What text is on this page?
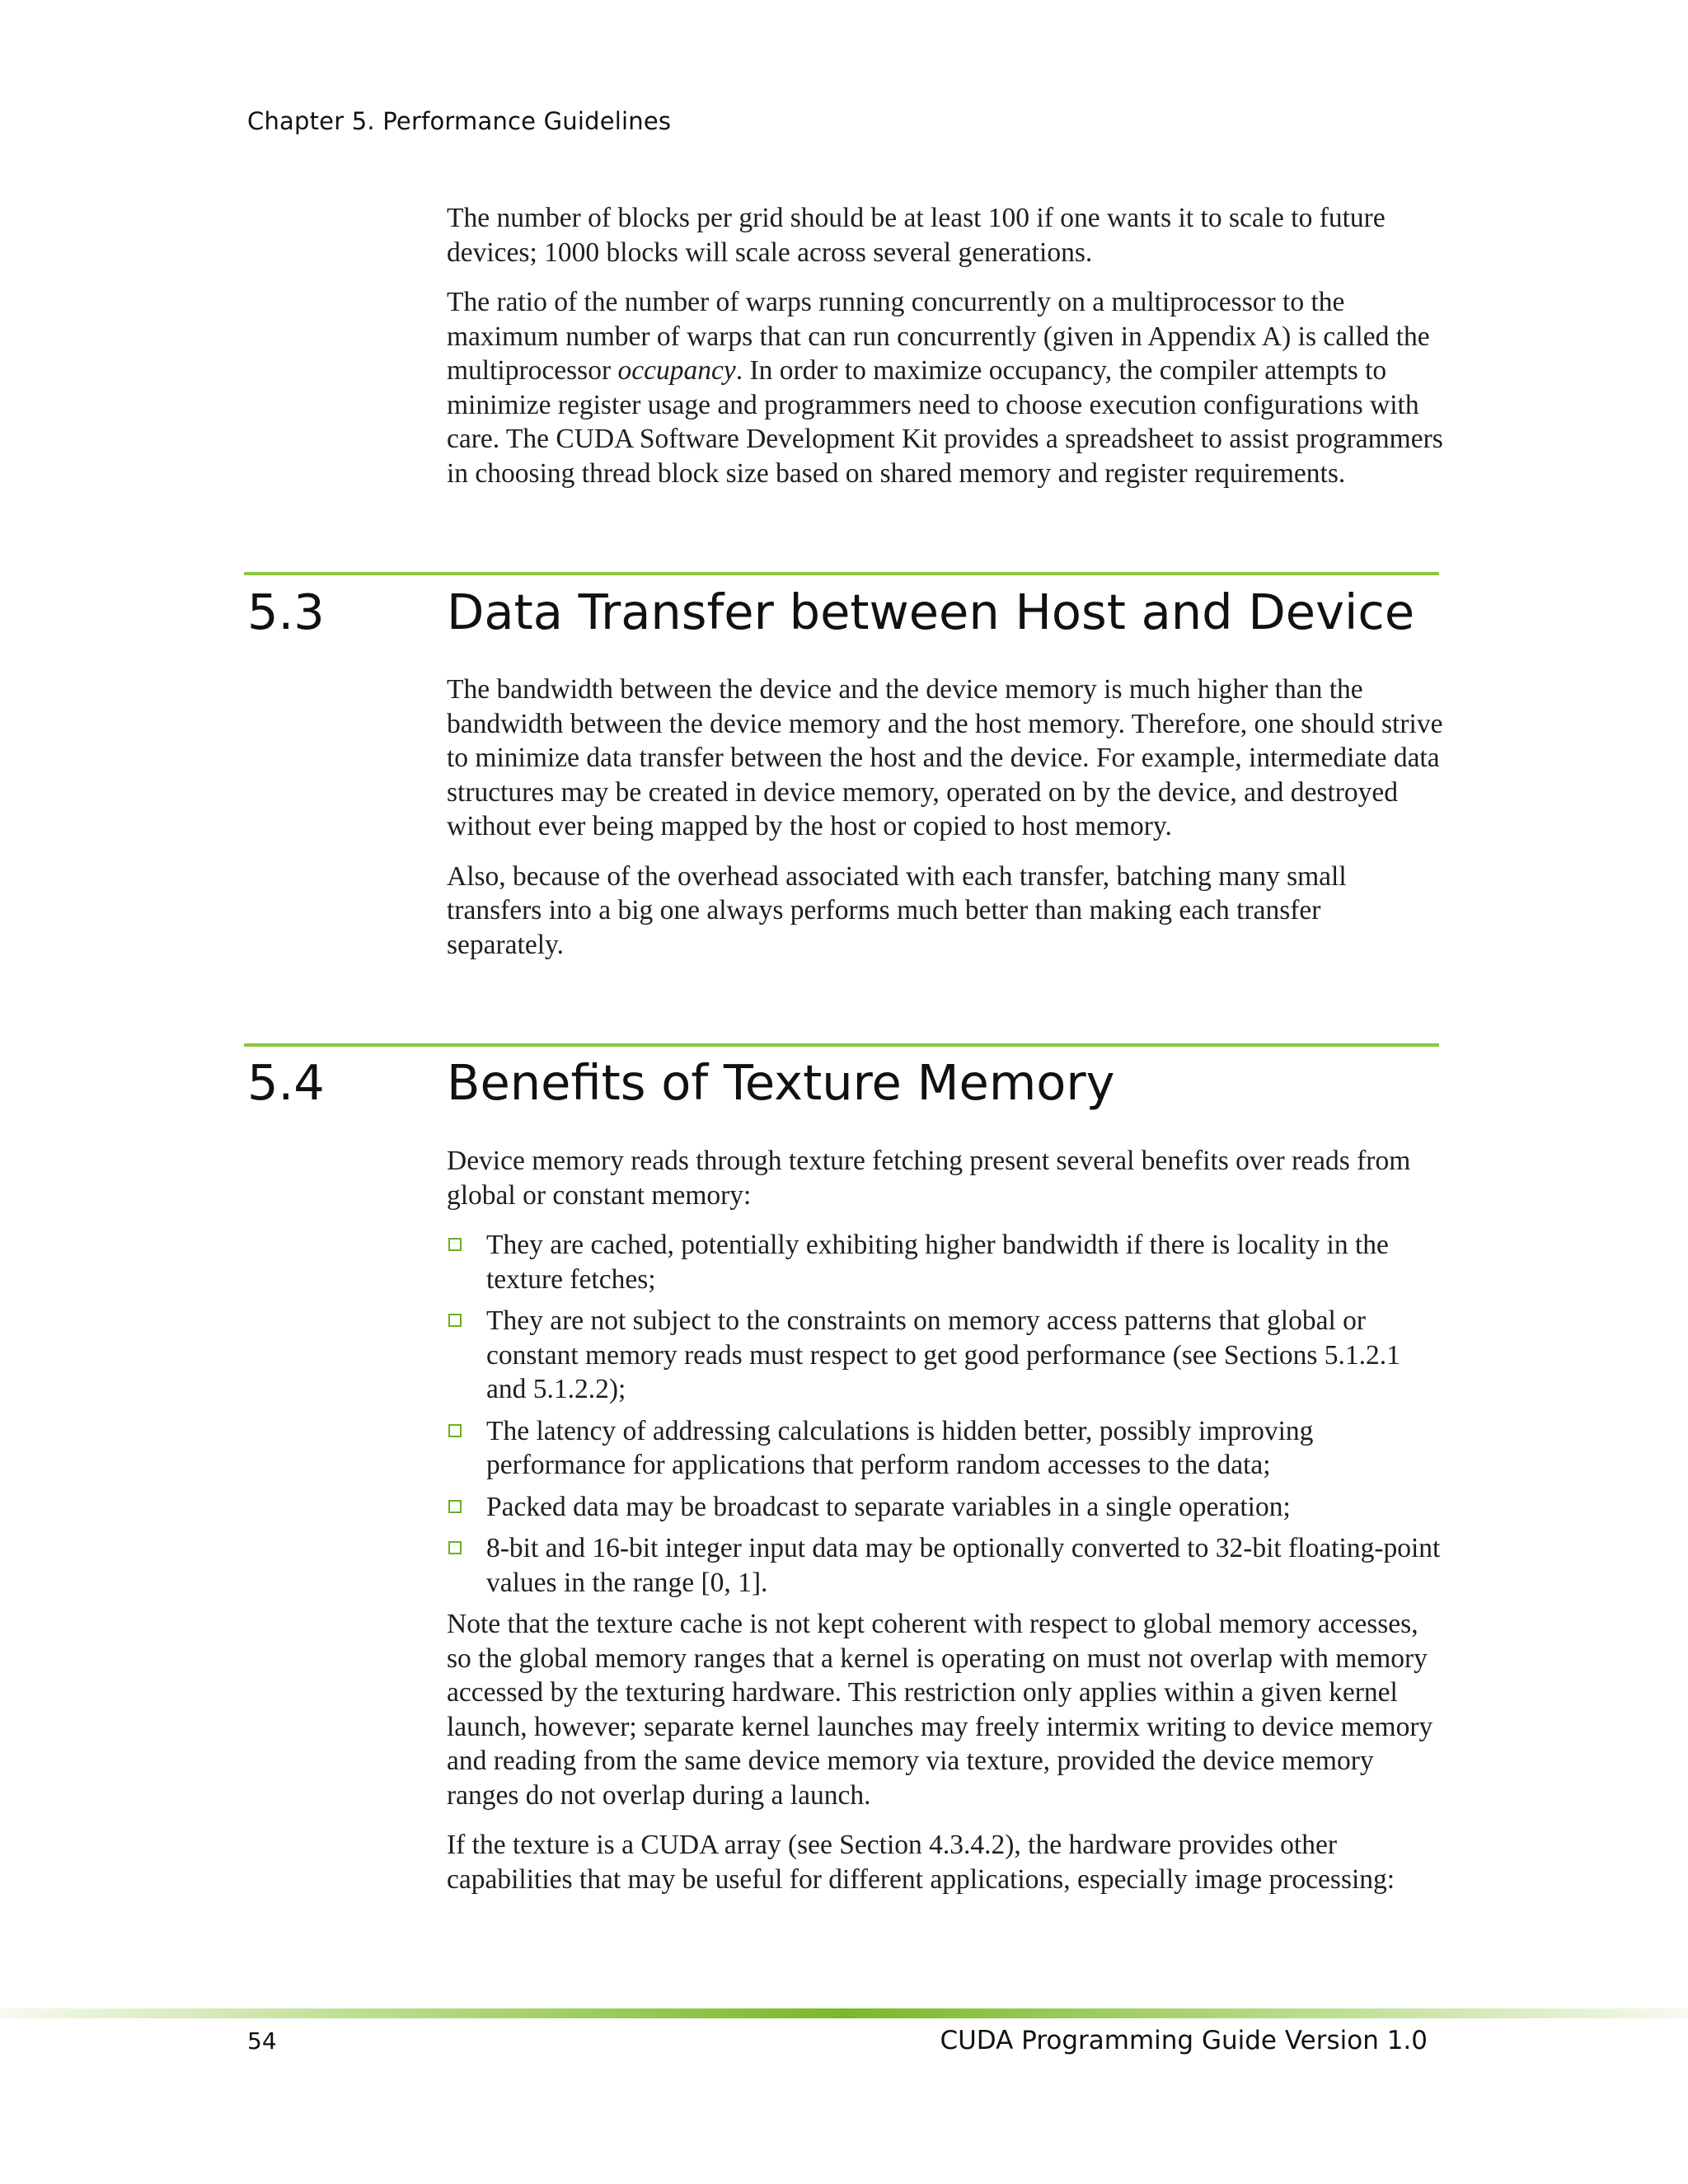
Chapter 5. Performance Guidelines

The number of blocks per grid should be at least 100 if one wants it to scale to future devices; 1000 blocks will scale across several generations.

The ratio of the number of warps running concurrently on a multiprocessor to the maximum number of warps that can run concurrently (given in Appendix A) is called the multiprocessor occupancy. In order to maximize occupancy, the compiler attempts to minimize register usage and programmers need to choose execution configurations with care. The CUDA Software Development Kit provides a spreadsheet to assist programmers in choosing thread block size based on shared memory and register requirements.

5.3	Data Transfer between Host and Device

The bandwidth between the device and the device memory is much higher than the bandwidth between the device memory and the host memory. Therefore, one should strive to minimize data transfer between the host and the device. For example, intermediate data structures may be created in device memory, operated on by the device, and destroyed without ever being mapped by the host or copied to host memory.

Also, because of the overhead associated with each transfer, batching many small transfers into a big one always performs much better than making each transfer separately.

5.4	Benefits of Texture Memory

Device memory reads through texture fetching present several benefits over reads from global or constant memory:

They are cached, potentially exhibiting higher bandwidth if there is locality in the texture fetches;
They are not subject to the constraints on memory access patterns that global or constant memory reads must respect to get good performance (see Sections 5.1.2.1 and 5.1.2.2);
The latency of addressing calculations is hidden better, possibly improving performance for applications that perform random accesses to the data;
Packed data may be broadcast to separate variables in a single operation;
8-bit and 16-bit integer input data may be optionally converted to 32-bit floating-point values in the range [0, 1].

Note that the texture cache is not kept coherent with respect to global memory accesses, so the global memory ranges that a kernel is operating on must not overlap with memory accessed by the texturing hardware. This restriction only applies within a given kernel launch, however; separate kernel launches may freely intermix writing to device memory and reading from the same device memory via texture, provided the device memory ranges do not overlap during a launch.

If the texture is a CUDA array (see Section 4.3.4.2), the hardware provides other capabilities that may be useful for different applications, especially image processing:

54	CUDA Programming Guide Version 1.0
